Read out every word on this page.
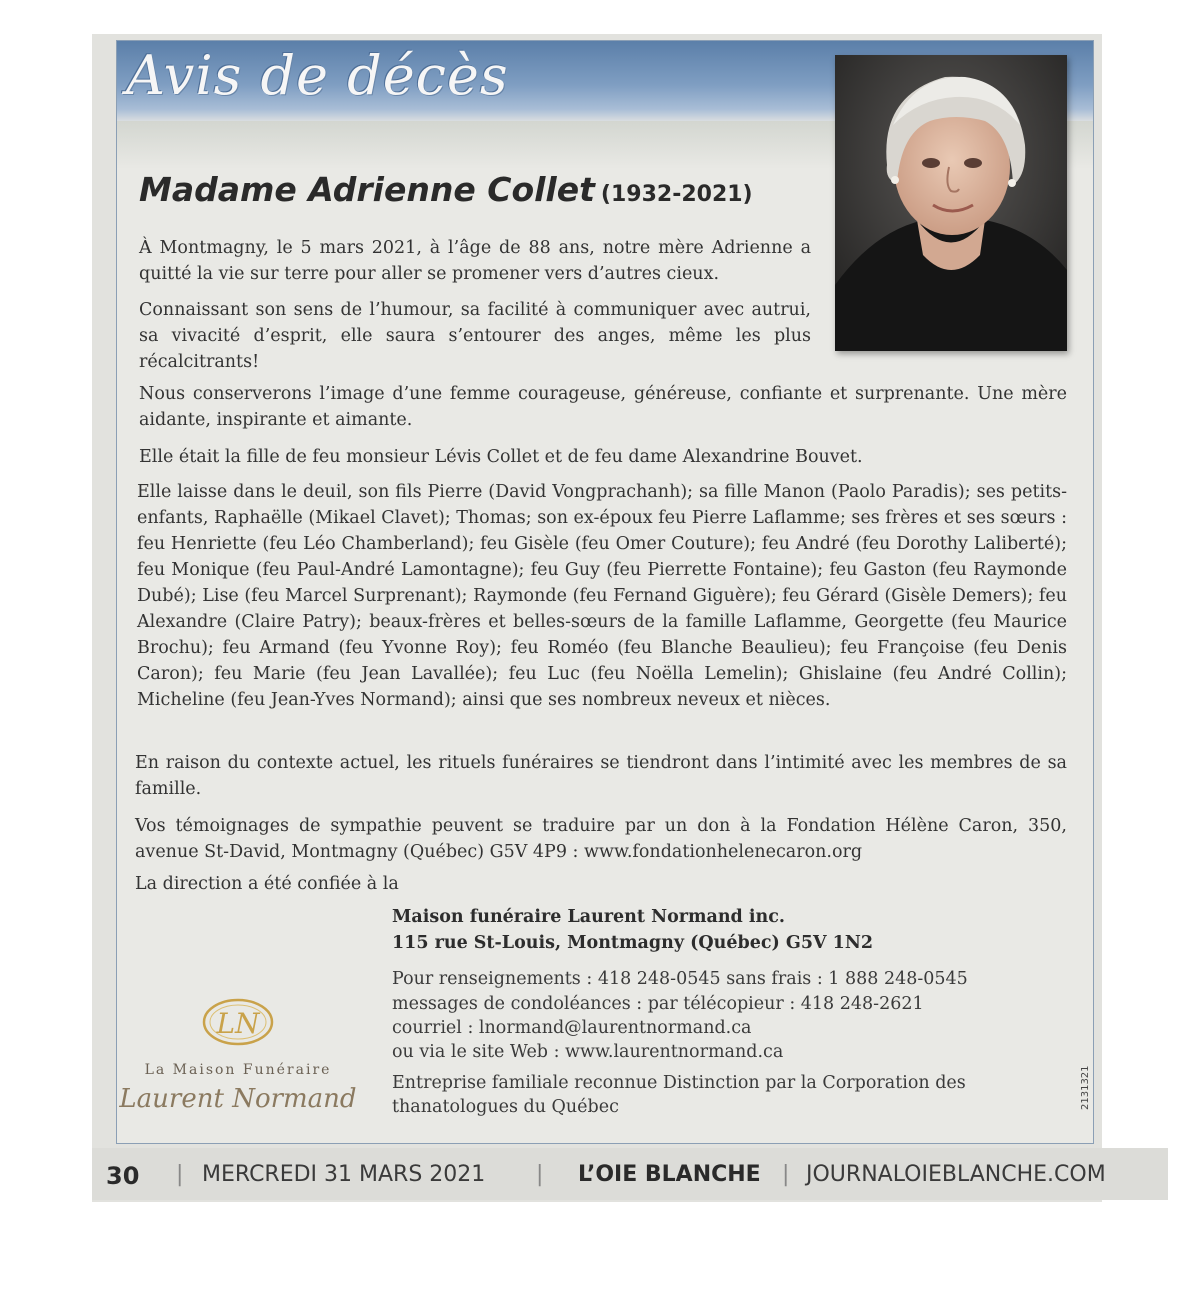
Avis de décès
Madame Adrienne Collet (1932-2021)

À Montmagny, le 5 mars 2021, à l’âge de 88 ans, notre mère Adrienne a quitté la vie sur terre pour aller se promener vers d’autres cieux.

Connaissant son sens de l’humour, sa facilité à communiquer avec autrui, sa vivacité d’esprit, elle saura s’entourer des anges, même les plus récalcitrants!

Nous conserverons l’image d’une femme courageuse, généreuse, confiante et surprenante. Une mère aidante, inspirante et aimante.

Elle était la fille de feu monsieur Lévis Collet et de feu dame Alexandrine Bouvet.

Elle laisse dans le deuil, son fils Pierre (David Vongprachanh); sa fille Manon (Paolo Paradis); ses petits-enfants, Raphaëlle (Mikael Clavet); Thomas; son ex-époux feu Pierre Laflamme; ses frères et ses sœurs : feu Henriette (feu Léo Chamberland); feu Gisèle (feu Omer Couture); feu André (feu Dorothy Laliberté); feu Monique (feu Paul-André Lamontagne); feu Guy (feu Pierrette Fontaine); feu Gaston (feu Raymonde Dubé); Lise (feu Marcel Surprenant); Raymonde (feu Fernand Giguère); feu Gérard (Gisèle Demers); feu Alexandre (Claire Patry); beaux-frères et belles-sœurs de la famille Laflamme, Georgette (feu Maurice Brochu); feu Armand (feu Yvonne Roy); feu Roméo (feu Blanche Beaulieu); feu Françoise (feu Denis Caron); feu Marie (feu Jean Lavallée); feu Luc (feu Noëlla Lemelin); Ghislaine (feu André Collin); Micheline (feu Jean-Yves Normand); ainsi que ses nombreux neveux et nièces.

En raison du contexte actuel, les rituels funéraires se tiendront dans l’intimité avec les membres de sa famille.

Vos témoignages de sympathie peuvent se traduire par un don à la Fondation Hélène Caron, 350, avenue St-David, Montmagny (Québec) G5V 4P9 : www.fondationhelenecaron.org

La direction a été confiée à la

Maison funéraire Laurent Normand inc.

115 rue St-Louis, Montmagny (Québec) G5V 1N2

Pour renseignements : 418 248-0545 sans frais : 1 888 248-0545

messages de condoléances : par télécopieur : 418 248-2621

courriel : lnormand@laurentnormand.ca

ou via le site Web : www.laurentnormand.ca

Entreprise familiale reconnue Distinction par la Corporation des

thanatologues du Québec

LN

La Maison Funéraire

Laurent Normand	2131321

30 | MERCREDI 31 MARS 2021 | L’OIE BLANCHE | JOURNALOIEBLANCHE.COM
